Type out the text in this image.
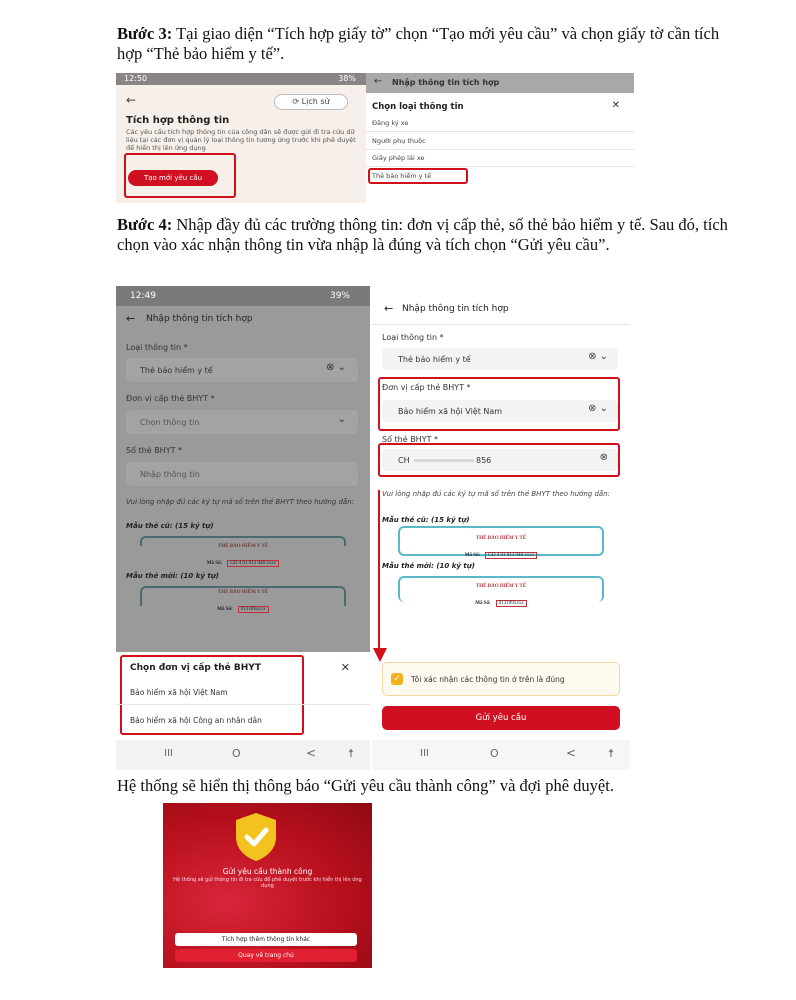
Bước 3: Tại giao diện “Tích hợp giấy tờ” chọn “Tạo mới yêu cầu” và chọn giấy tờ cần tích hợp “Thẻ bảo hiểm y tế”.
12:50	38%
←	⟳ Lịch sử
Tích hợp thông tin
Các yêu cầu tích hợp thông tin của công dân sẽ được gửi đi tra cứu dữ liệu tại các đơn vị quản lý loại thông tin tương ứng trước khi phê duyệt để hiển thị lên ứng dụng
Tạo mới yêu cầu
← Nhập thông tin tích hợp
Chọn loại thông tin	✕
Đăng ký xe
Người phụ thuộc
Giấy phép lái xe
Thẻ bảo hiểm y tế
Bước 4: Nhập đầy đủ các trường thông tin: đơn vị cấp thẻ, số thẻ bảo hiểm y tế. Sau đó, tích chọn vào xác nhận thông tin vừa nhập là đúng và tích chọn “Gửi yêu cầu”.
12:49	39%
← Nhập thông tin tích hợp
Loại thông tin *
Thẻ bảo hiểm y tế	⊗ ⌄
Đơn vị cấp thẻ BHYT *
Chọn thông tin	⌄
Số thẻ BHYT *
Nhập thông tin
Vui lòng nhập đủ các ký tự mã số trên thẻ BHYT theo hướng dẫn:
Mẫu thẻ cũ: (15 ký tự)
THẺ BẢO HIỂM Y TẾ
Mã Số: GD 4 01 013 048 xxxx
Mẫu thẻ mới: (10 ký tự)
THẺ BẢO HIỂM Y TẾ
Mã Số: 013109xxxx
Chọn đơn vị cấp thẻ BHYT	✕
Bảo hiểm xã hội Việt Nam
Bảo hiểm xã hội Công an nhân dân
III	O	<	☨
← Nhập thông tin tích hợp
Loại thông tin *
Thẻ bảo hiểm y tế	⊗ ⌄
Đơn vị cấp thẻ BHYT *
Bảo hiểm xã hội Việt Nam	⊗ ⌄
Số thẻ BHYT *
CH	856	⊗
Vui lòng nhập đủ các ký tự mã số trên thẻ BHYT theo hướng dẫn:
Mẫu thẻ cũ: (15 ký tự)
THẺ BẢO HIỂM Y TẾ
Mã Số: GD 4 01 013 048 xxxx
Mẫu thẻ mới: (10 ký tự)
THẺ BẢO HIỂM Y TẾ
Mã Số: 013109xxxx
✓ Tôi xác nhận các thông tin ở trên là đúng
Gửi yêu cầu
III	O	<	☨
Hệ thống sẽ hiển thị thông báo “Gửi yêu cầu thành công” và đợi phê duyệt.
Gửi yêu cầu thành công
Hệ thống sẽ gửi thông tin đi tra cứu để phê duyệt trước khi hiển thị lên ứng dụng
Tích hợp thêm thông tin khác
Quay về trang chủ
